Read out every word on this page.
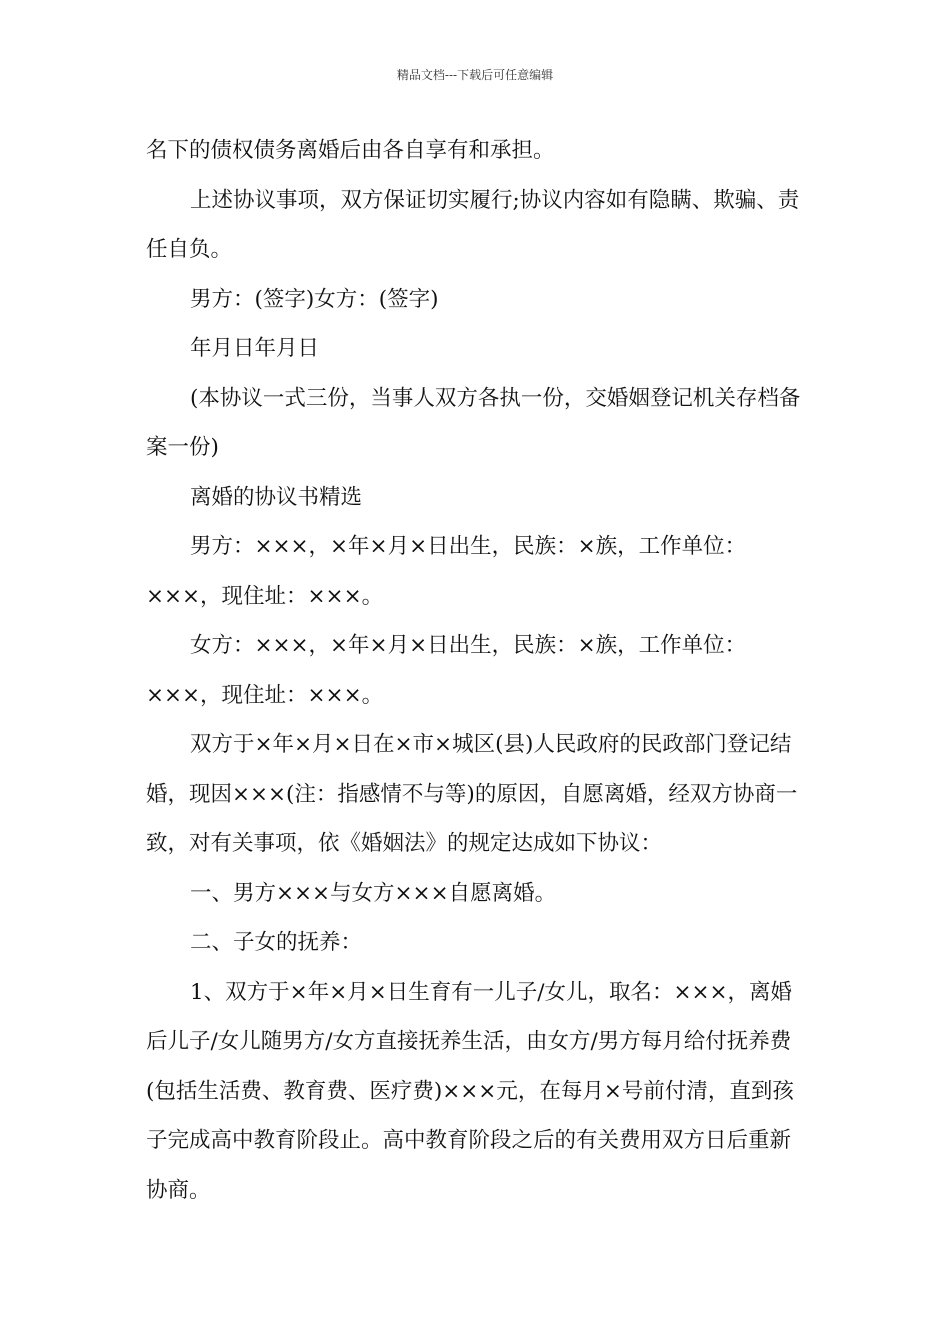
精品文档---下载后可任意编辑

名下的债权债务离婚后由各自享有和承担。

上述协议事项，双方保证切实履行;协议内容如有隐瞒、欺骗、责任自负。

男方：(签字)女方：(签字)

年月日年月日

(本协议一式三份，当事人双方各执一份，交婚姻登记机关存档备案一份)

离婚的协议书精选

男方：×××，×年×月×日出生，民族：×族，工作单位：×××，现住址：×××。

女方：×××，×年×月×日出生，民族：×族，工作单位：×××，现住址：×××。

双方于×年×月×日在×市×城区(县)人民政府的民政部门登记结婚，现因×××(注：指感情不与等)的原因，自愿离婚，经双方协商一致，对有关事项，依《婚姻法》的规定达成如下协议：

一、男方×××与女方×××自愿离婚。

二、子女的抚养：

1、双方于×年×月×日生育有一儿子/女儿，取名：×××，离婚后儿子/女儿随男方/女方直接抚养生活，由女方/男方每月给付抚养费(包括生活费、教育费、医疗费)×××元，在每月×号前付清，直到孩子完成高中教育阶段止。高中教育阶段之后的有关费用双方日后重新协商。
